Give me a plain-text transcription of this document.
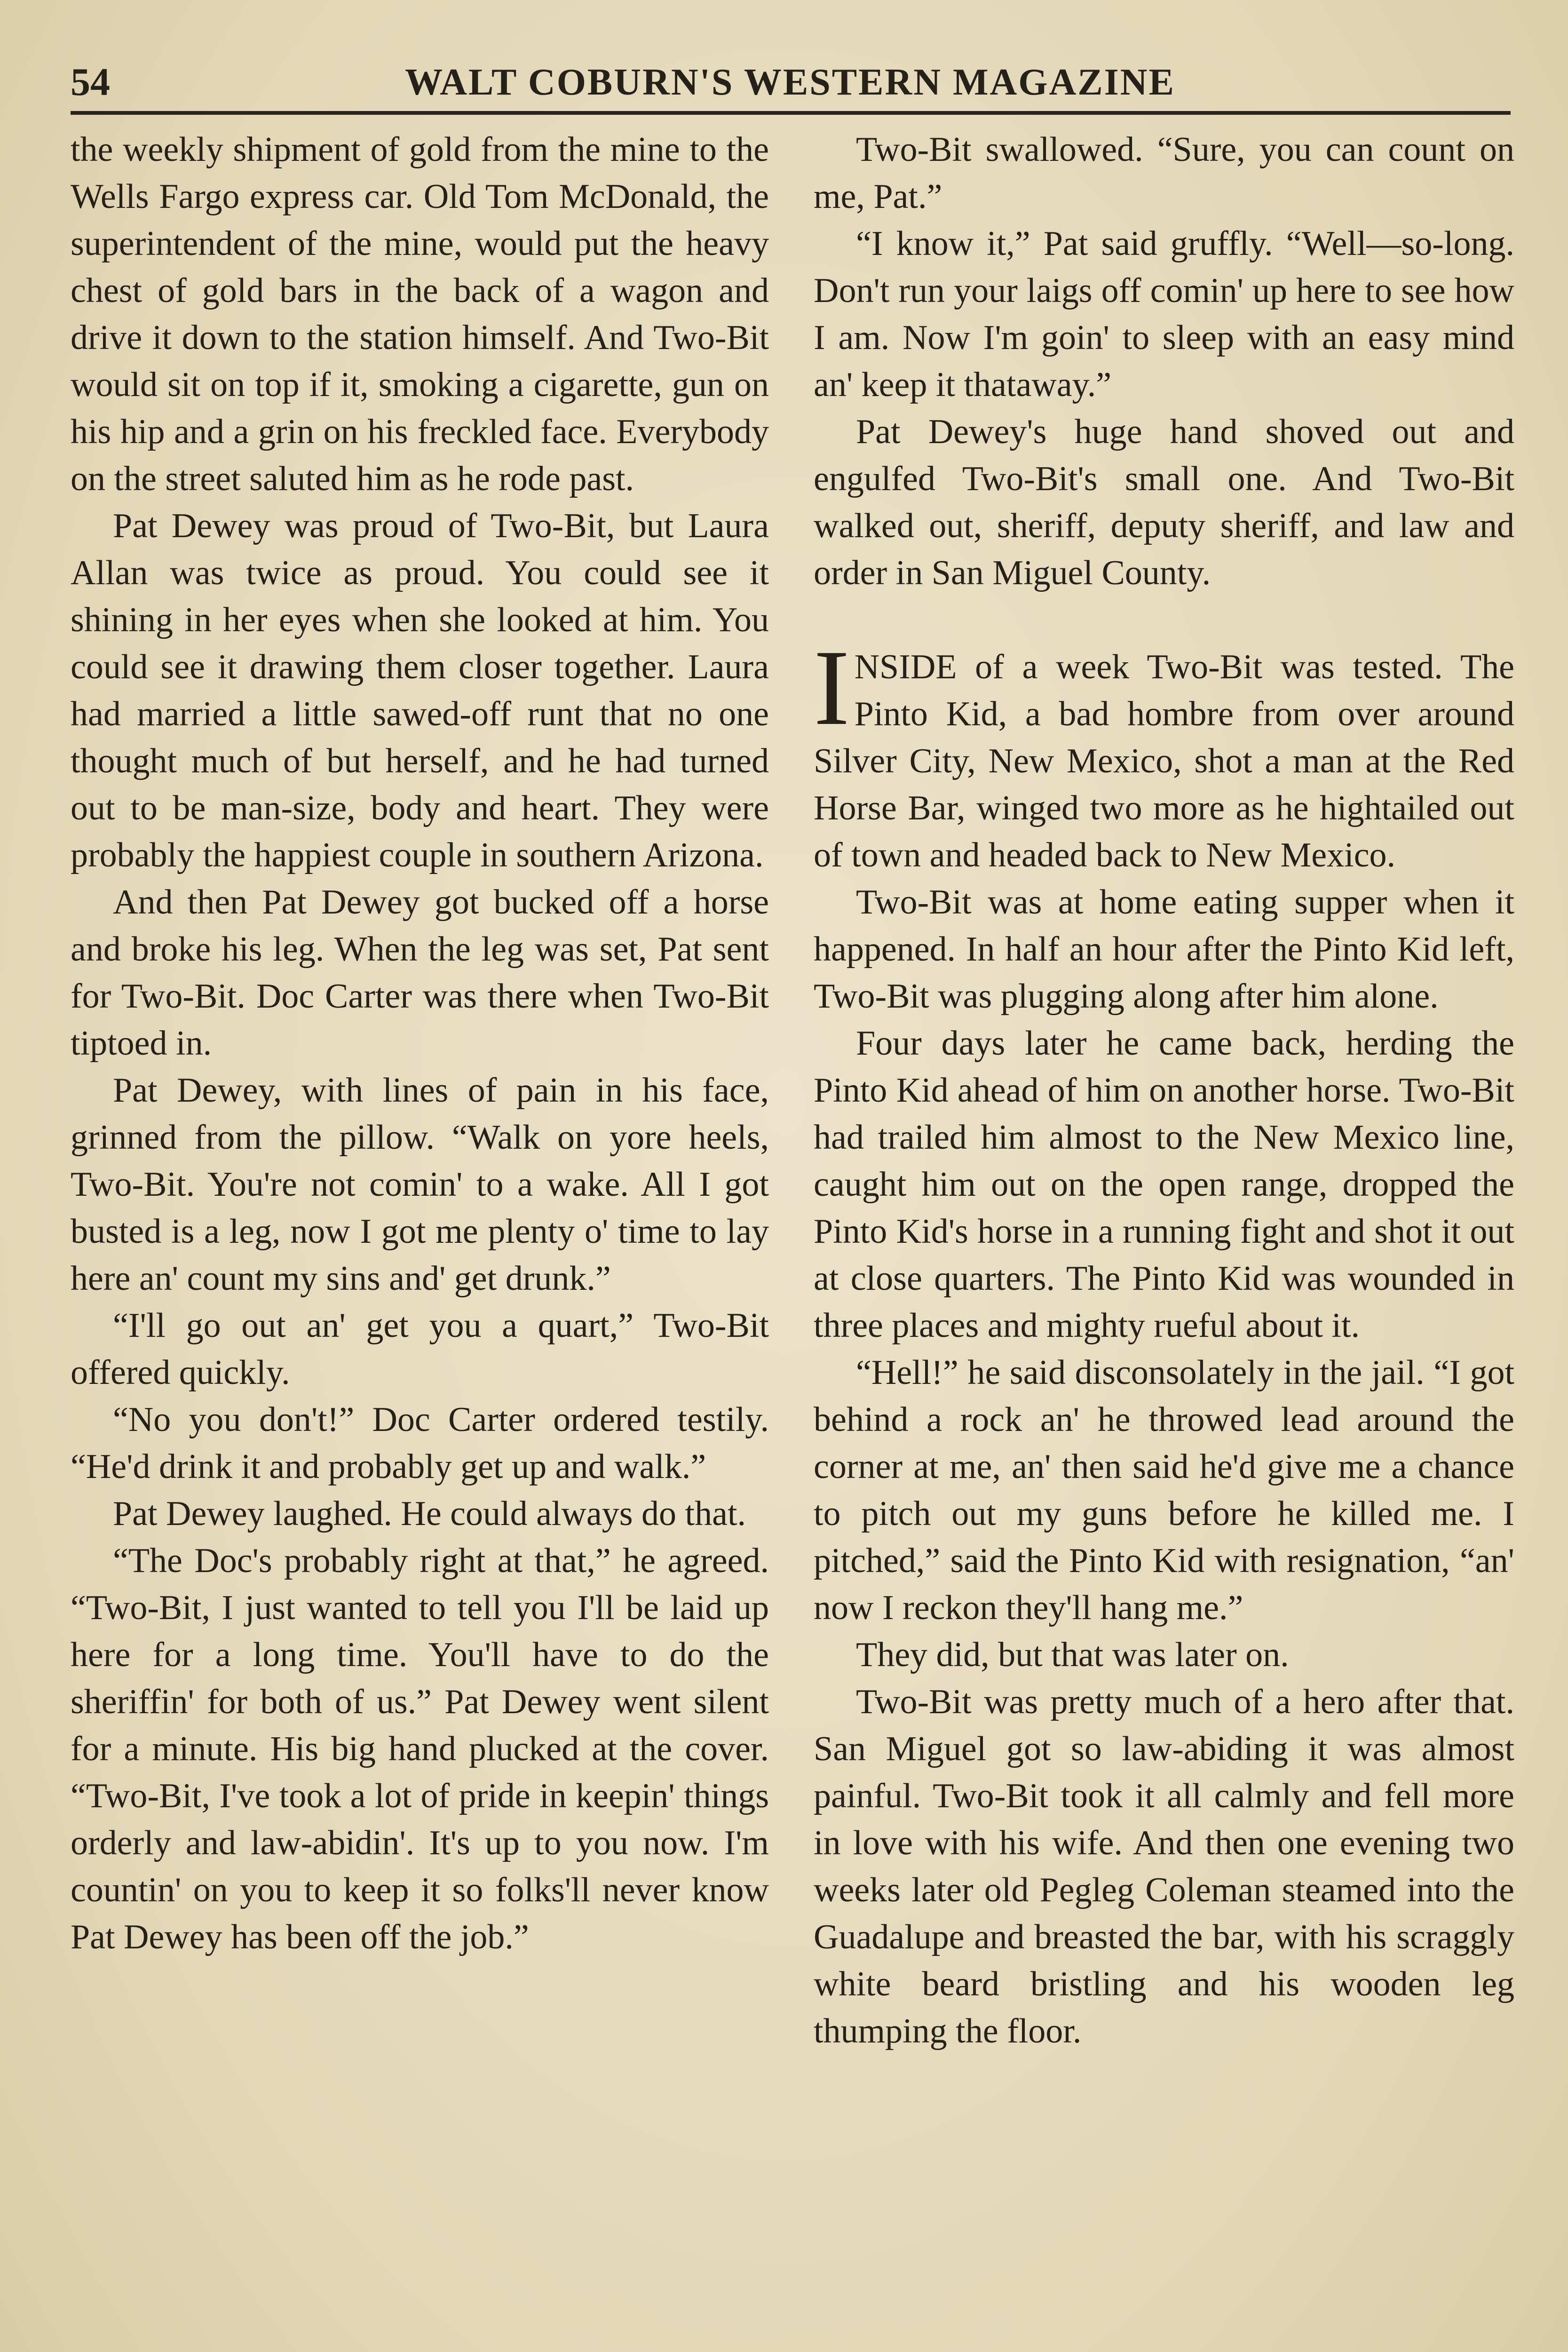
54	WALT COBURN'S WESTERN MAGAZINE

the weekly shipment of gold from the mine to the Wells Fargo express car. Old Tom McDonald, the superintendent of the mine, would put the heavy chest of gold bars in the back of a wagon and drive it down to the station himself. And Two-Bit would sit on top if it, smoking a cigarette, gun on his hip and a grin on his freckled face. Everybody on the street saluted him as he rode past.

Pat Dewey was proud of Two-Bit, but Laura Allan was twice as proud. You could see it shining in her eyes when she looked at him. You could see it drawing them closer together. Laura had married a little sawed-off runt that no one thought much of but herself, and he had turned out to be man-size, body and heart. They were probably the happiest couple in southern Arizona.

And then Pat Dewey got bucked off a horse and broke his leg. When the leg was set, Pat sent for Two-Bit. Doc Carter was there when Two-Bit tiptoed in.

Pat Dewey, with lines of pain in his face, grinned from the pillow. “Walk on yore heels, Two-Bit. You're not comin' to a wake. All I got busted is a leg, now I got me plenty o' time to lay here an' count my sins and' get drunk.”

“I'll go out an' get you a quart,” Two-Bit offered quickly.

“No you don't!” Doc Carter ordered testily. “He'd drink it and probably get up and walk.”

Pat Dewey laughed. He could always do that.

“The Doc's probably right at that,” he agreed. “Two-Bit, I just wanted to tell you I'll be laid up here for a long time. You'll have to do the sheriffin' for both of us.” Pat Dewey went silent for a minute. His big hand plucked at the cover. “Two-Bit, I've took a lot of pride in keepin' things orderly and law-abidin'. It's up to you now. I'm countin' on you to keep it so folks'll never know Pat Dewey has been off the job.”

Two-Bit swallowed. “Sure, you can count on me, Pat.”

“I know it,” Pat said gruffly. “Well—so-long. Don't run your laigs off comin' up here to see how I am. Now I'm goin' to sleep with an easy mind an' keep it thataway.”

Pat Dewey's huge hand shoved out and engulfed Two-Bit's small one. And Two-Bit walked out, sheriff, deputy sheriff, and law and order in San Miguel County.

INSIDE of a week Two-Bit was tested. The Pinto Kid, a bad hombre from over around Silver City, New Mexico, shot a man at the Red Horse Bar, winged two more as he hightailed out of town and headed back to New Mexico.

Two-Bit was at home eating supper when it happened. In half an hour after the Pinto Kid left, Two-Bit was plugging along after him alone.

Four days later he came back, herding the Pinto Kid ahead of him on another horse. Two-Bit had trailed him almost to the New Mexico line, caught him out on the open range, dropped the Pinto Kid's horse in a running fight and shot it out at close quarters. The Pinto Kid was wounded in three places and mighty rueful about it.

“Hell!” he said disconsolately in the jail. “I got behind a rock an' he throwed lead around the corner at me, an' then said he'd give me a chance to pitch out my guns before he killed me. I pitched,” said the Pinto Kid with resignation, “an' now I reckon they'll hang me.”

They did, but that was later on.

Two-Bit was pretty much of a hero after that. San Miguel got so law-abiding it was almost painful. Two-Bit took it all calmly and fell more in love with his wife. And then one evening two weeks later old Pegleg Coleman steamed into the Guadalupe and breasted the bar, with his scraggly white beard bristling and his wooden leg thumping the floor.
